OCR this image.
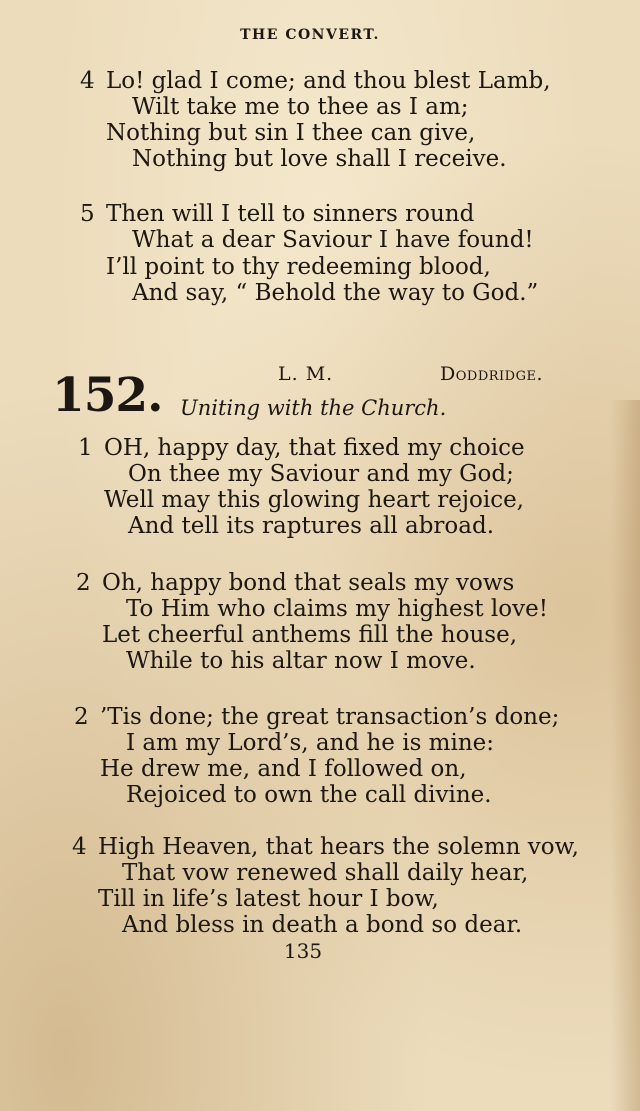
THE CONVERT.
4 Lo! glad I come; and thou blest Lamb,
Wilt take me to thee as I am;
Nothing but sin I thee can give,
Nothing but love shall I receive.
5 Then will I tell to sinners round
What a dear Saviour I have found!
I’ll point to thy redeeming blood,
And say, “ Behold the way to God.”
152.	L. M.	Doddridge.
Uniting with the Church.
1 OH, happy day, that fixed my choice
On thee my Saviour and my God;
Well may this glowing heart rejoice,
And tell its raptures all abroad.
2 Oh, happy bond that seals my vows
To Him who claims my highest love!
Let cheerful anthems fill the house,
While to his altar now I move.
2 ’Tis done; the great transaction’s done;
I am my Lord’s, and he is mine:
He drew me, and I followed on,
Rejoiced to own the call divine.
4 High Heaven, that hears the solemn vow,
That vow renewed shall daily hear,
Till in life’s latest hour I bow,
And bless in death a bond so dear.
135
